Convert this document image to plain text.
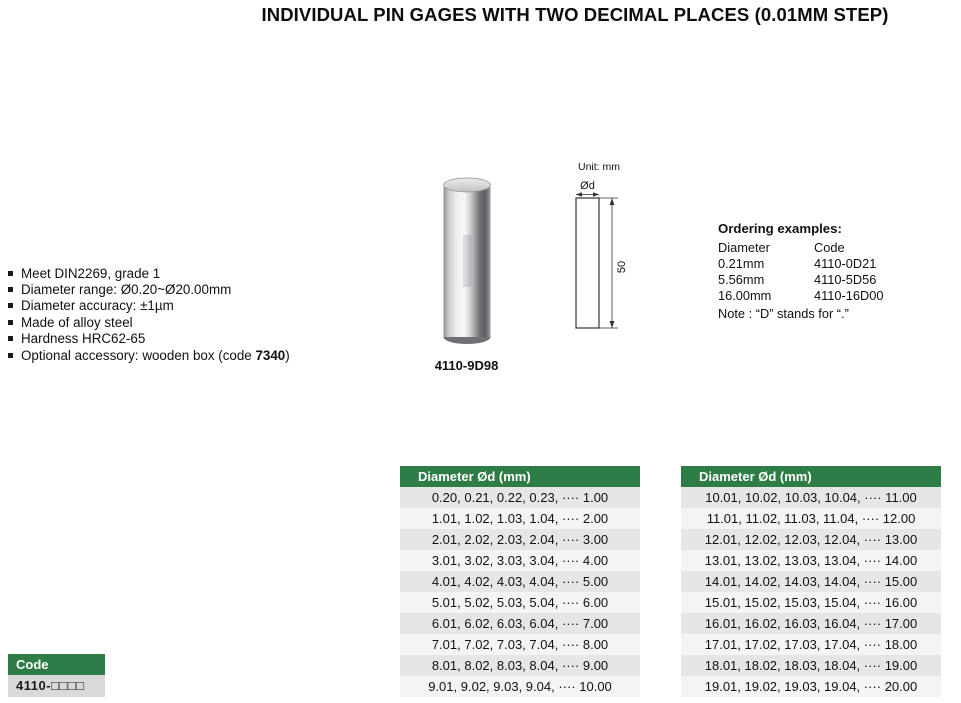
INDIVIDUAL PIN GAGES WITH TWO DECIMAL PLACES (0.01MM STEP)
Meet DIN2269, grade 1
Diameter range: Ø0.20~Ø20.00mm
Diameter accuracy: ±1µm
Made of alloy steel
Hardness HRC62-65
Optional accessory: wooden box (code 7340)
4110-9D98
Unit: mm
Ød
50
Ordering examples:
Diameter	Code
0.21mm	4110-0D21
5.56mm	4110-5D56
16.00mm	4110-16D00
Note : “D” stands for “.”
Diameter Ød (mm)
0.20, 0.21, 0.22, 0.23, ···· 1.00
1.01, 1.02, 1.03, 1.04, ···· 2.00
2.01, 2.02, 2.03, 2.04, ···· 3.00
3.01, 3.02, 3.03, 3.04, ···· 4.00
4.01, 4.02, 4.03, 4.04, ···· 5.00
5.01, 5.02, 5.03, 5.04, ···· 6.00
6.01, 6.02, 6.03, 6.04, ···· 7.00
7.01, 7.02, 7.03, 7.04, ···· 8.00
8.01, 8.02, 8.03, 8.04, ···· 9.00
9.01, 9.02, 9.03, 9.04, ···· 10.00
Diameter Ød (mm)
10.01, 10.02, 10.03, 10.04, ···· 11.00
11.01, 11.02, 11.03, 11.04, ···· 12.00
12.01, 12.02, 12.03, 12.04, ···· 13.00
13.01, 13.02, 13.03, 13.04, ···· 14.00
14.01, 14.02, 14.03, 14.04, ···· 15.00
15.01, 15.02, 15.03, 15.04, ···· 16.00
16.01, 16.02, 16.03, 16.04, ···· 17.00
17.01, 17.02, 17.03, 17.04, ···· 18.00
18.01, 18.02, 18.03, 18.04, ···· 19.00
19.01, 19.02, 19.03, 19.04, ···· 20.00
Code
4110-□□□□
